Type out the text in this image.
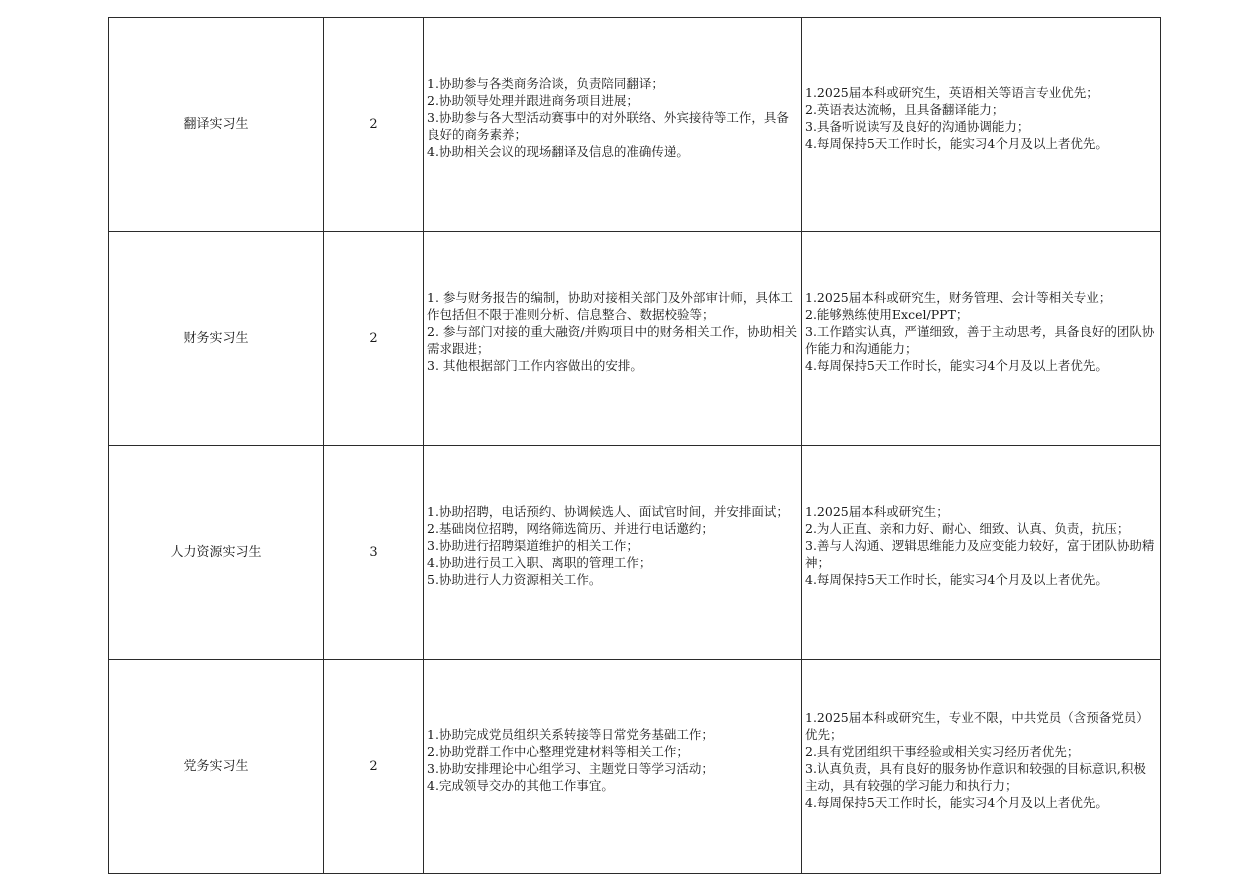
翻译实习生	2	1.协助参与各类商务洽谈，负责陪同翻译；
2.协助领导处理并跟进商务项目进展；
3.协助参与各大型活动赛事中的对外联络、外宾接待等工作，具备良好的商务素养；
4.协助相关会议的现场翻译及信息的准确传递。	1.2025届本科或研究生，英语相关等语言专业优先；
2.英语表达流畅，且具备翻译能力；
3.具备听说读写及良好的沟通协调能力；
4.每周保持5天工作时长，能实习4个月及以上者优先。

财务实习生	2	1. 参与财务报告的编制，协助对接相关部门及外部审计师，具体工作包括但不限于准则分析、信息整合、数据校验等；
2. 参与部门对接的重大融资/并购项目中的财务相关工作，协助相关需求跟进；
3. 其他根据部门工作内容做出的安排。	1.2025届本科或研究生，财务管理、会计等相关专业；
2.能够熟练使用Excel/PPT；
3.工作踏实认真，严谨细致，善于主动思考，具备良好的团队协作能力和沟通能力；
4.每周保持5天工作时长，能实习4个月及以上者优先。

人力资源实习生	3	1.协助招聘，电话预约、协调候选人、面试官时间，并安排面试；
2.基础岗位招聘，网络筛选简历、并进行电话邀约；
3.协助进行招聘渠道维护的相关工作；
4.协助进行员工入职、离职的管理工作；
5.协助进行人力资源相关工作。	1.2025届本科或研究生；
2.为人正直、亲和力好、耐心、细致、认真、负责，抗压；
3.善与人沟通、逻辑思维能力及应变能力较好，富于团队协助精神；
4.每周保持5天工作时长，能实习4个月及以上者优先。

党务实习生	2	1.协助完成党员组织关系转接等日常党务基础工作；
2.协助党群工作中心整理党建材料等相关工作；
3.协助安排理论中心组学习、主题党日等学习活动；
4.完成领导交办的其他工作事宜。	1.2025届本科或研究生，专业不限，中共党员（含预备党员）优先；
2.具有党团组织干事经验或相关实习经历者优先；
3.认真负责，具有良好的服务协作意识和较强的目标意识,积极主动，具有较强的学习能力和执行力；
4.每周保持5天工作时长，能实习4个月及以上者优先。
